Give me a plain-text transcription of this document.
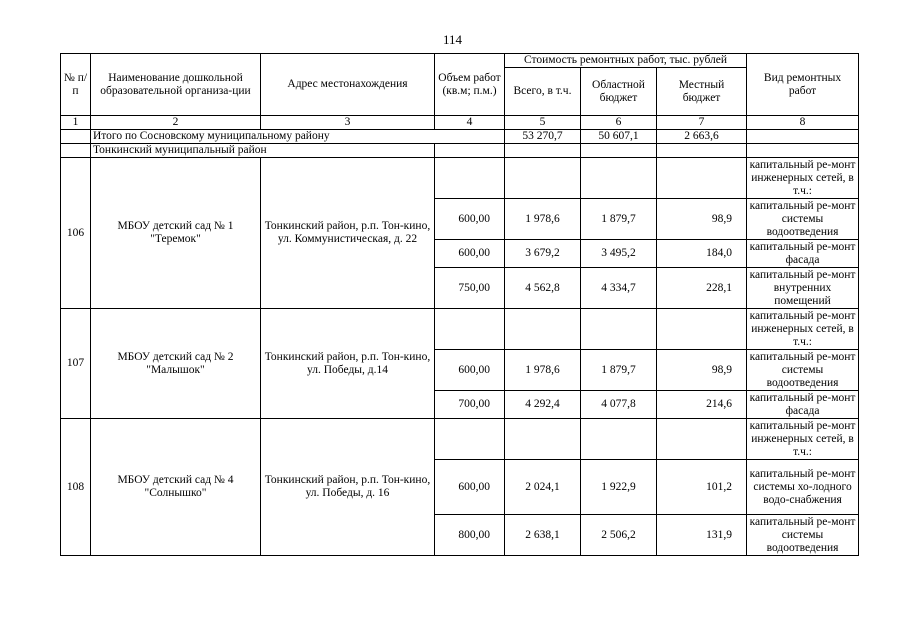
114
№ п/п	Наименование дошкольной образовательной организа-ции	Адрес местонахождения	Объем работ (кв.м; п.м.)	Стоимость ремонтных работ, тыс. рублей			Вид ремонтных работ
				Всего, в т.ч.	Областной бюджет	Местный бюджет	
1	2	3	4	5	6	7	8
	Итого по Сосновскому муниципальному району			53 270,7	50 607,1	2 663,6	
	Тонкинский муниципальный район						
106	МБОУ детский сад № 1 "Теремок"	Тонкинский район, р.п. Тон-кино, ул. Коммунистическая, д. 22					капитальный ре-монт инженерных сетей, в т.ч.:
			600,00	1 978,6	1 879,7	98,9	капитальный ре-монт системы водоотведения
			600,00	3 679,2	3 495,2	184,0	капитальный ре-монт фасада
			750,00	4 562,8	4 334,7	228,1	капитальный ре-монт внутренних помещений
107	МБОУ детский сад № 2 "Малышок"	Тонкинский район, р.п. Тон-кино, ул. Победы, д.14					капитальный ре-монт инженерных сетей, в т.ч.:
			600,00	1 978,6	1 879,7	98,9	капитальный ре-монт системы водоотведения
			700,00	4 292,4	4 077,8	214,6	капитальный ре-монт фасада
108	МБОУ детский сад № 4 "Солнышко"	Тонкинский район, р.п. Тон-кино, ул. Победы, д. 16					капитальный ре-монт инженерных сетей, в т.ч.:
			600,00	2 024,1	1 922,9	101,2	капитальный ре-монт системы хо-лодного водо-снабжения
			800,00	2 638,1	2 506,2	131,9	капитальный ре-монт системы водоотведения
